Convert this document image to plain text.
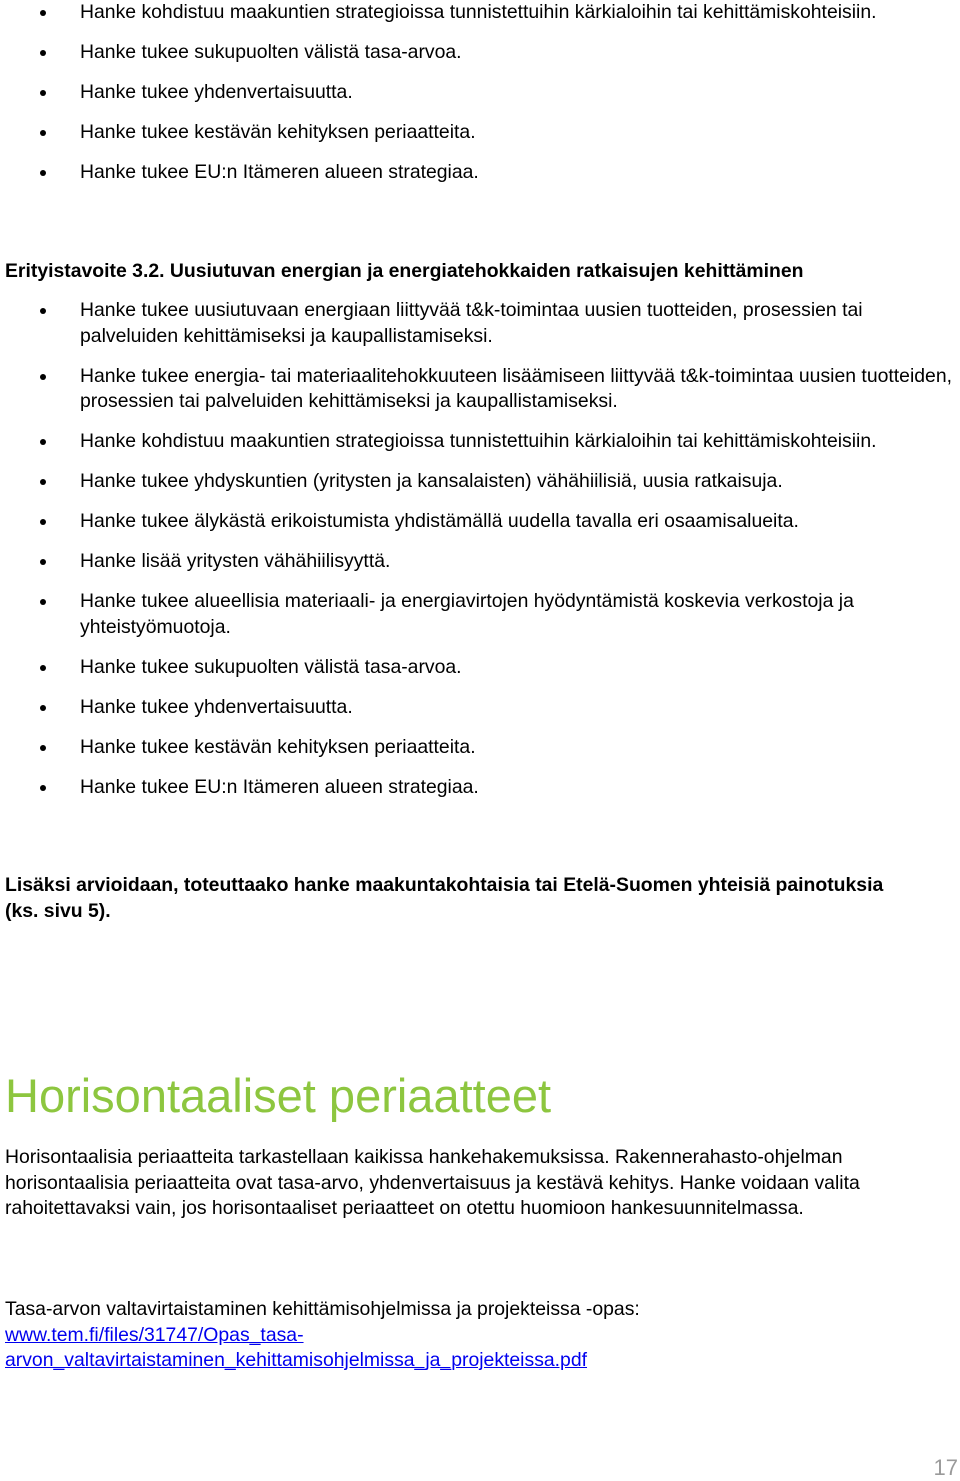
Hanke kohdistuu maakuntien strategioissa tunnistettuihin kärkialoihin tai kehittämiskohteisiin.
Hanke tukee sukupuolten välistä tasa-arvoa.
Hanke tukee yhdenvertaisuutta.
Hanke tukee kestävän kehityksen periaatteita.
Hanke tukee EU:n Itämeren alueen strategiaa.
Erityistavoite 3.2. Uusiutuvan energian ja energiatehokkaiden ratkaisujen kehittäminen
Hanke tukee uusiutuvaan energiaan liittyvää t&k-toimintaa uusien tuotteiden, prosessien tai palveluiden kehittämiseksi ja kaupallistamiseksi.
Hanke tukee energia- tai materiaalitehokkuuteen lisäämiseen liittyvää t&k-toimintaa uusien tuotteiden, prosessien tai palveluiden kehittämiseksi ja kaupallistamiseksi.
Hanke kohdistuu maakuntien strategioissa tunnistettuihin kärkialoihin tai kehittämiskohteisiin.
Hanke tukee yhdyskuntien (yritysten ja kansalaisten) vähähiilisiä, uusia ratkaisuja.
Hanke tukee älykästä erikoistumista yhdistämällä uudella tavalla eri osaamisalueita.
Hanke lisää yritysten vähähiilisyyttä.
Hanke tukee alueellisia materiaali- ja energiavirtojen hyödyntämistä koskevia verkostoja ja yhteistyömuotoja.
Hanke tukee sukupuolten välistä tasa-arvoa.
Hanke tukee yhdenvertaisuutta.
Hanke tukee kestävän kehityksen periaatteita.
Hanke tukee EU:n Itämeren alueen strategiaa.
Lisäksi arvioidaan, toteuttaako hanke maakuntakohtaisia tai Etelä-Suomen yhteisiä painotuksia (ks. sivu 5).
Horisontaaliset periaatteet

Horisontaalisia periaatteita tarkastellaan kaikissa hankehakemuksissa. Rakennerahasto-ohjelman horisontaalisia periaatteita ovat tasa-arvo, yhdenvertaisuus ja kestävä kehitys. Hanke voidaan valita rahoitettavaksi vain, jos horisontaaliset periaatteet on otettu huomioon hankesuunnitelmassa.

Tasa-arvon valtavirtaistaminen kehittämisohjelmissa ja projekteissa -opas:
www.tem.fi/files/31747/Opas_tasa-
arvon_valtavirtaistaminen_kehittamisohjelmissa_ja_projekteissa.pdf
17
